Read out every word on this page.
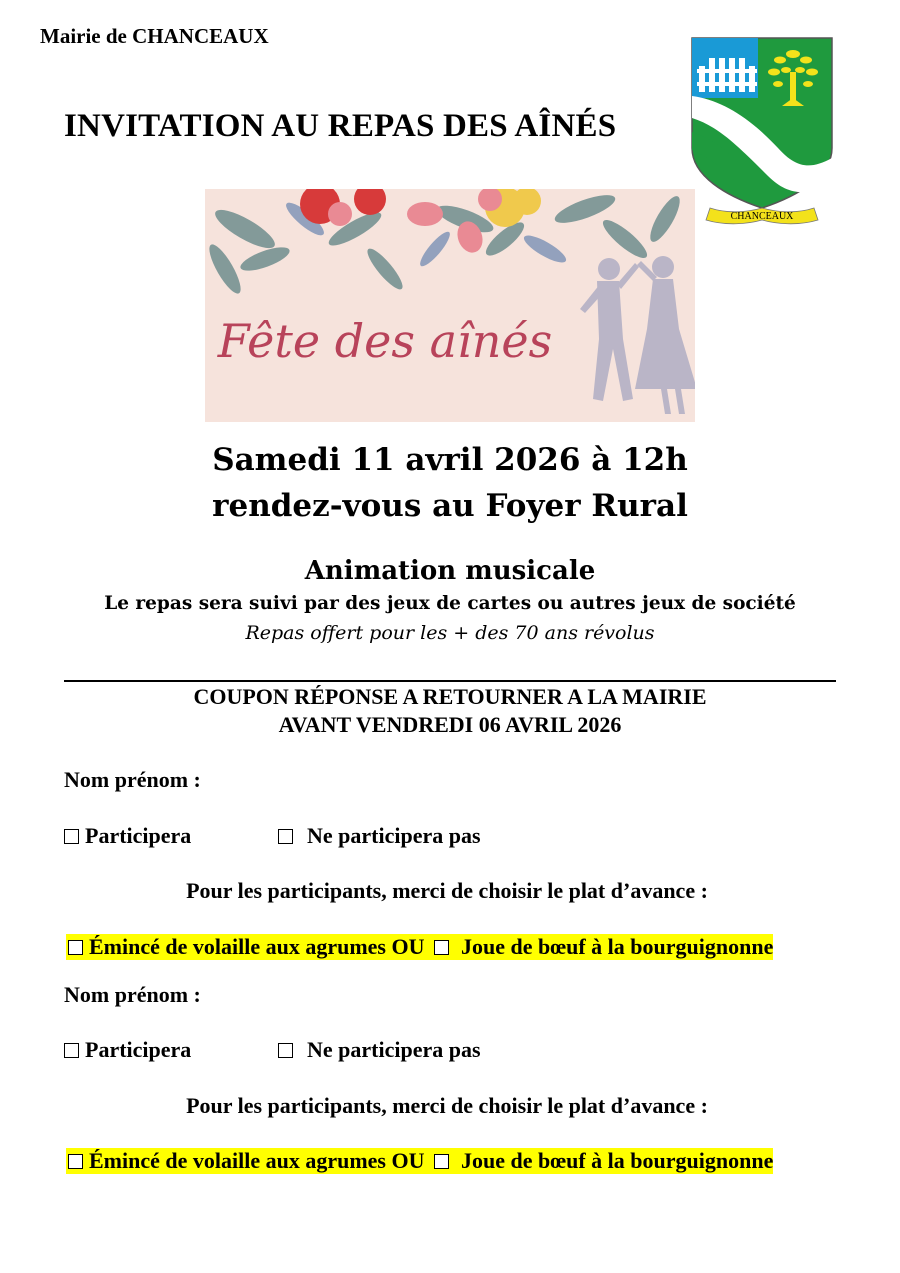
Mairie de CHANCEAUX
INVITATION AU REPAS DES AÎNÉS
CHANCEAUX
Fête des aînés
Samedi 11 avril 2026 à 12h
rendez-vous au Foyer Rural
Animation musicale
Le repas sera suivi par des jeux de cartes ou autres jeux de société
Repas offert pour les + des 70 ans révolus
COUPON RÉPONSE A RETOURNER A LA MAIRIE
AVANT VENDREDI 06 AVRIL 2026
Nom prénom :
Participera	Ne participera pas
Pour les participants, merci de choisir le plat d’avance :
Émincé de volaille aux agrumes OU Joue de bœuf à la bourguignonne
Nom prénom :
Participera	Ne participera pas
Pour les participants, merci de choisir le plat d’avance :
Émincé de volaille aux agrumes OU Joue de bœuf à la bourguignonne
